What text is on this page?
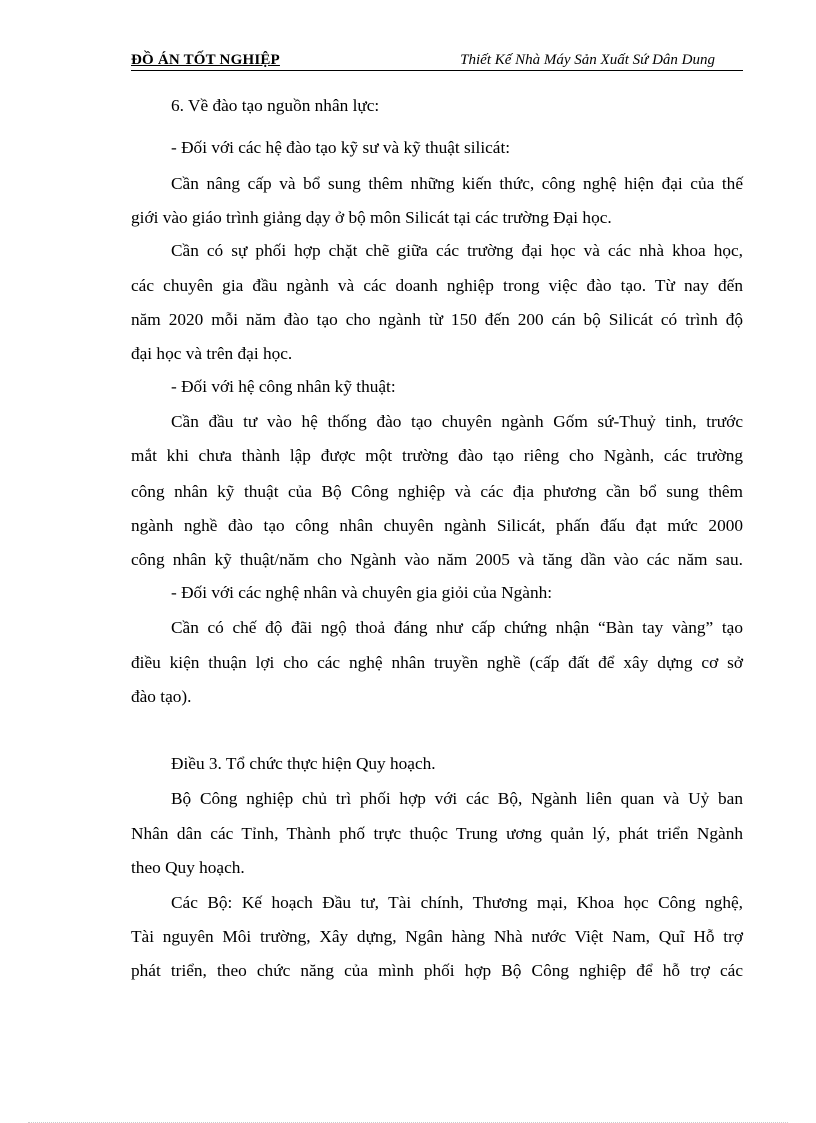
ĐỒ ÁN TỐT NGHIỆP	Thiết Kế Nhà Máy Sản Xuất Sứ Dân Dung
6. Về đào tạo nguồn nhân lực:
- Đối với các hệ đào tạo kỹ sư và kỹ thuật silicát:
Cần nâng cấp và bổ sung thêm những kiến thức, công nghệ hiện đại của thế
giới vào giáo trình giảng dạy ở bộ môn Silicát tại các trường Đại học.
Cần có sự phối hợp chặt chẽ giữa các trường đại học và các nhà khoa học,
các chuyên gia đầu ngành và các doanh nghiệp trong việc đào tạo. Từ nay đến
năm 2020 mỗi năm đào tạo cho ngành từ 150 đến 200 cán bộ Silicát có trình độ
đại học và trên đại học.
- Đối với hệ công nhân kỹ thuật:
Cần đầu tư vào hệ thống đào tạo chuyên ngành Gốm sứ-Thuỷ tinh, trước
mắt khi chưa thành lập được một trường đào tạo riêng cho Ngành, các trường
công nhân kỹ thuật của Bộ Công nghiệp và các địa phương cần bổ sung thêm
ngành nghề đào tạo công nhân chuyên ngành Silicát, phấn đấu đạt mức 2000
công nhân kỹ thuật/năm cho Ngành vào năm 2005 và tăng dần vào các năm sau.
- Đối với các nghệ nhân và chuyên gia giỏi của Ngành:
Cần có chế độ đãi ngộ thoả đáng như cấp chứng nhận “Bàn tay vàng” tạo
điều kiện thuận lợi cho các nghệ nhân truyền nghề (cấp đất để xây dựng cơ sở
đào tạo).
Điều 3. Tổ chức thực hiện Quy hoạch.
Bộ Công nghiệp chủ trì phối hợp với các Bộ, Ngành liên quan và Uỷ ban
Nhân dân các Tỉnh, Thành phố trực thuộc Trung ương quản lý, phát triển Ngành
theo Quy hoạch.
Các Bộ: Kế hoạch Đầu tư, Tài chính, Thương mại, Khoa học Công nghệ,
Tài nguyên Môi trường, Xây dựng, Ngân hàng Nhà nước Việt Nam, Quĩ Hỗ trợ
phát triển, theo chức năng của mình phối hợp Bộ Công nghiệp để hỗ trợ các
